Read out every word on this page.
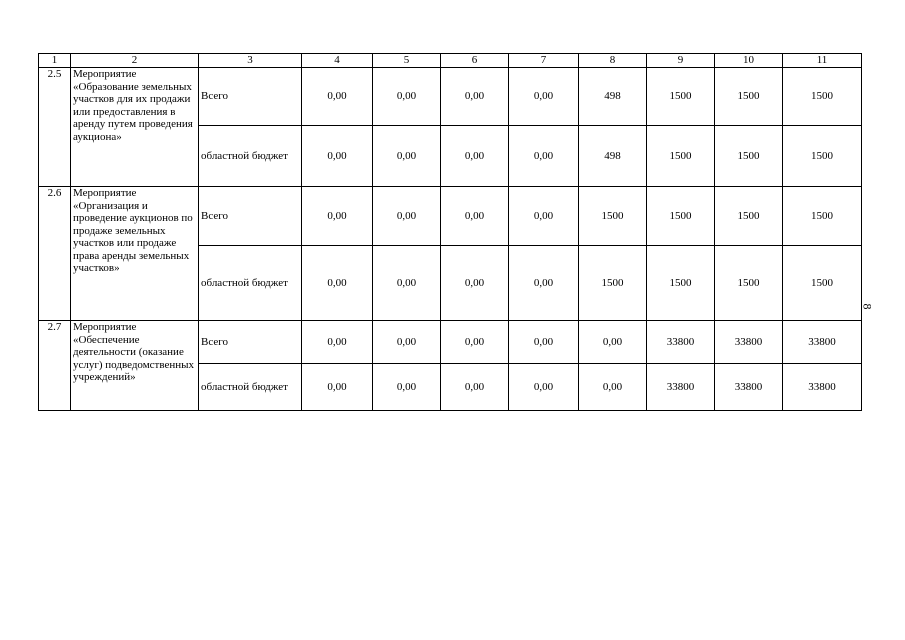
1	2	3	4	5	6	7	8	9	10	11
2.5	Мероприятие «Образование земельных участков для их продажи или предоставления в аренду путем проведения аукциона»	Всего	0,00	0,00	0,00	0,00	498	1500	1500	1500
		областной бюджет	0,00	0,00	0,00	0,00	498	1500	1500	1500
2.6	Мероприятие «Организация и проведение аукционов по продаже земельных участков или продаже права аренды земельных участков»	Всего	0,00	0,00	0,00	0,00	1500	1500	1500	1500
		областной бюджет	0,00	0,00	0,00	0,00	1500	1500	1500	1500
2.7	Мероприятие «Обеспечение деятельности (оказание услуг) подведомственных учреждений»	Всего	0,00	0,00	0,00	0,00	0,00	33800	33800	33800
		областной бюджет	0,00	0,00	0,00	0,00	0,00	33800	33800	33800
8
